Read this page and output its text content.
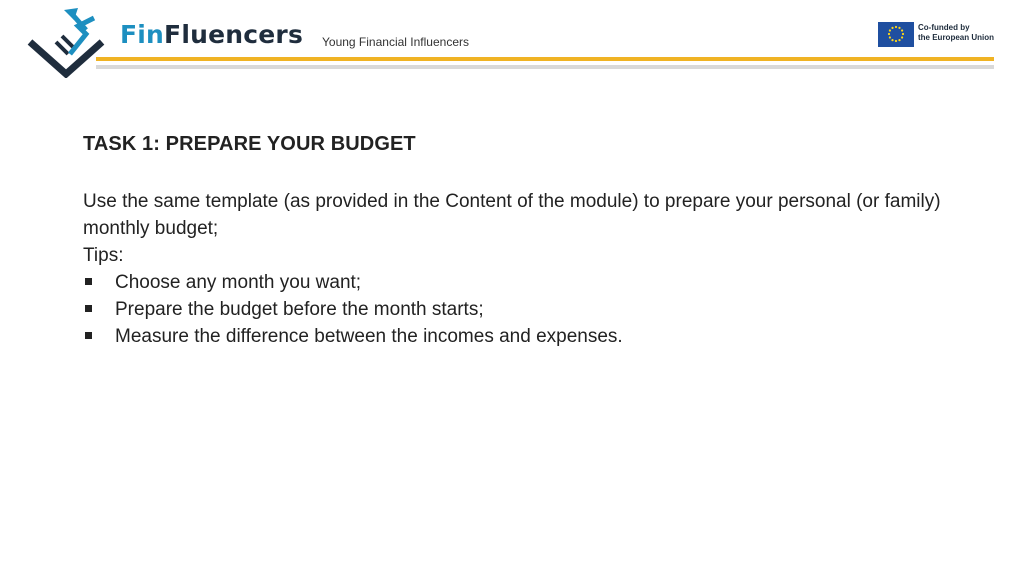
FinFluencers Young Financial Influencers
Co-funded by
the European Union
TASK 1: PREPARE YOUR BUDGET

Use the same template (as provided in the Content of the module) to prepare your personal (or family) monthly budget;

Tips:

Choose any month you want;
Prepare the budget before the month starts;
Measure the difference between the incomes and expenses.
